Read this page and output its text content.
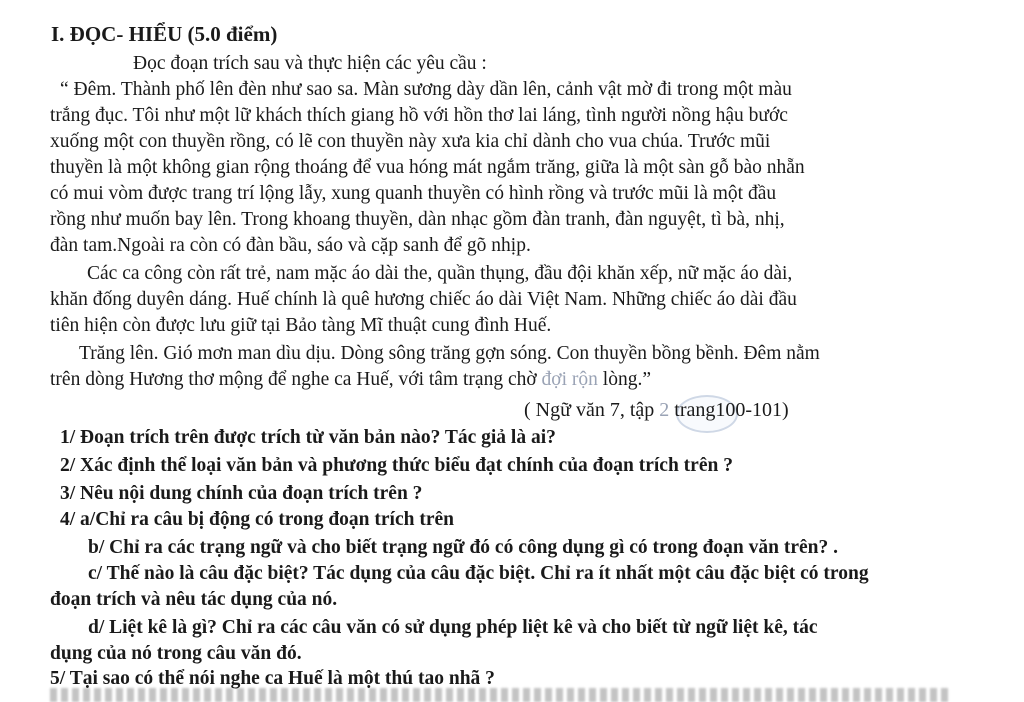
I. ĐỌC- HIỂU (5.0 điểm)
Đọc đoạn trích sau và thực hiện các yêu cầu :
“ Đêm. Thành phố lên đèn như sao sa. Màn sương dày dần lên, cảnh vật mờ đi trong một màu
trắng đục. Tôi như một lữ khách thích giang hồ với hồn thơ lai láng, tình người nồng hậu bước
xuống một con thuyền rồng, có lẽ con thuyền này xưa kia chỉ dành cho vua chúa. Trước mũi
thuyền là một không gian rộng thoáng để vua hóng mát ngắm trăng, giữa là một sàn gỗ bào nhẵn
có mui vòm được trang trí lộng lẫy, xung quanh thuyền có hình rồng và trước mũi là một đầu
rồng như muốn bay lên. Trong khoang thuyền, dàn nhạc gồm đàn tranh, đàn nguyệt, tì bà, nhị,
đàn tam.Ngoài ra còn có đàn bầu, sáo và cặp sanh để gõ nhịp.
Các ca công còn rất trẻ, nam mặc áo dài the, quần thụng, đầu đội khăn xếp, nữ mặc áo dài,
khăn đống duyên dáng. Huế chính là quê hương chiếc áo dài Việt Nam. Những chiếc áo dài đầu
tiên hiện còn được lưu giữ tại Bảo tàng Mĩ thuật cung đình Huế.
Trăng lên. Gió mơn man dìu dịu. Dòng sông trăng gợn sóng. Con thuyền bồng bềnh. Đêm nằm
trên dòng Hương thơ mộng để nghe ca Huế, với tâm trạng chờ đợi rộn lòng.”
( Ngữ văn 7, tập 2 trang100-101)
1/ Đoạn trích trên được trích từ văn bản nào? Tác giả là ai?
2/ Xác định thể loại văn bản và phương thức biểu đạt chính của đoạn trích trên ?
3/ Nêu nội dung chính của đoạn trích trên ?
4/ a/Chỉ ra câu bị động có trong đoạn trích trên
b/ Chỉ ra các trạng ngữ và cho biết trạng ngữ đó có công dụng gì có trong đoạn văn trên? .
c/ Thế nào là câu đặc biệt? Tác dụng của câu đặc biệt. Chỉ ra ít nhất một câu đặc biệt có trong
đoạn trích và nêu tác dụng của nó.
d/ Liệt kê là gì? Chỉ ra các câu văn có sử dụng phép liệt kê và cho biết từ ngữ liệt kê, tác
dụng của nó trong câu văn đó.
5/ Tại sao có thể nói nghe ca Huế là một thú tao nhã ?
